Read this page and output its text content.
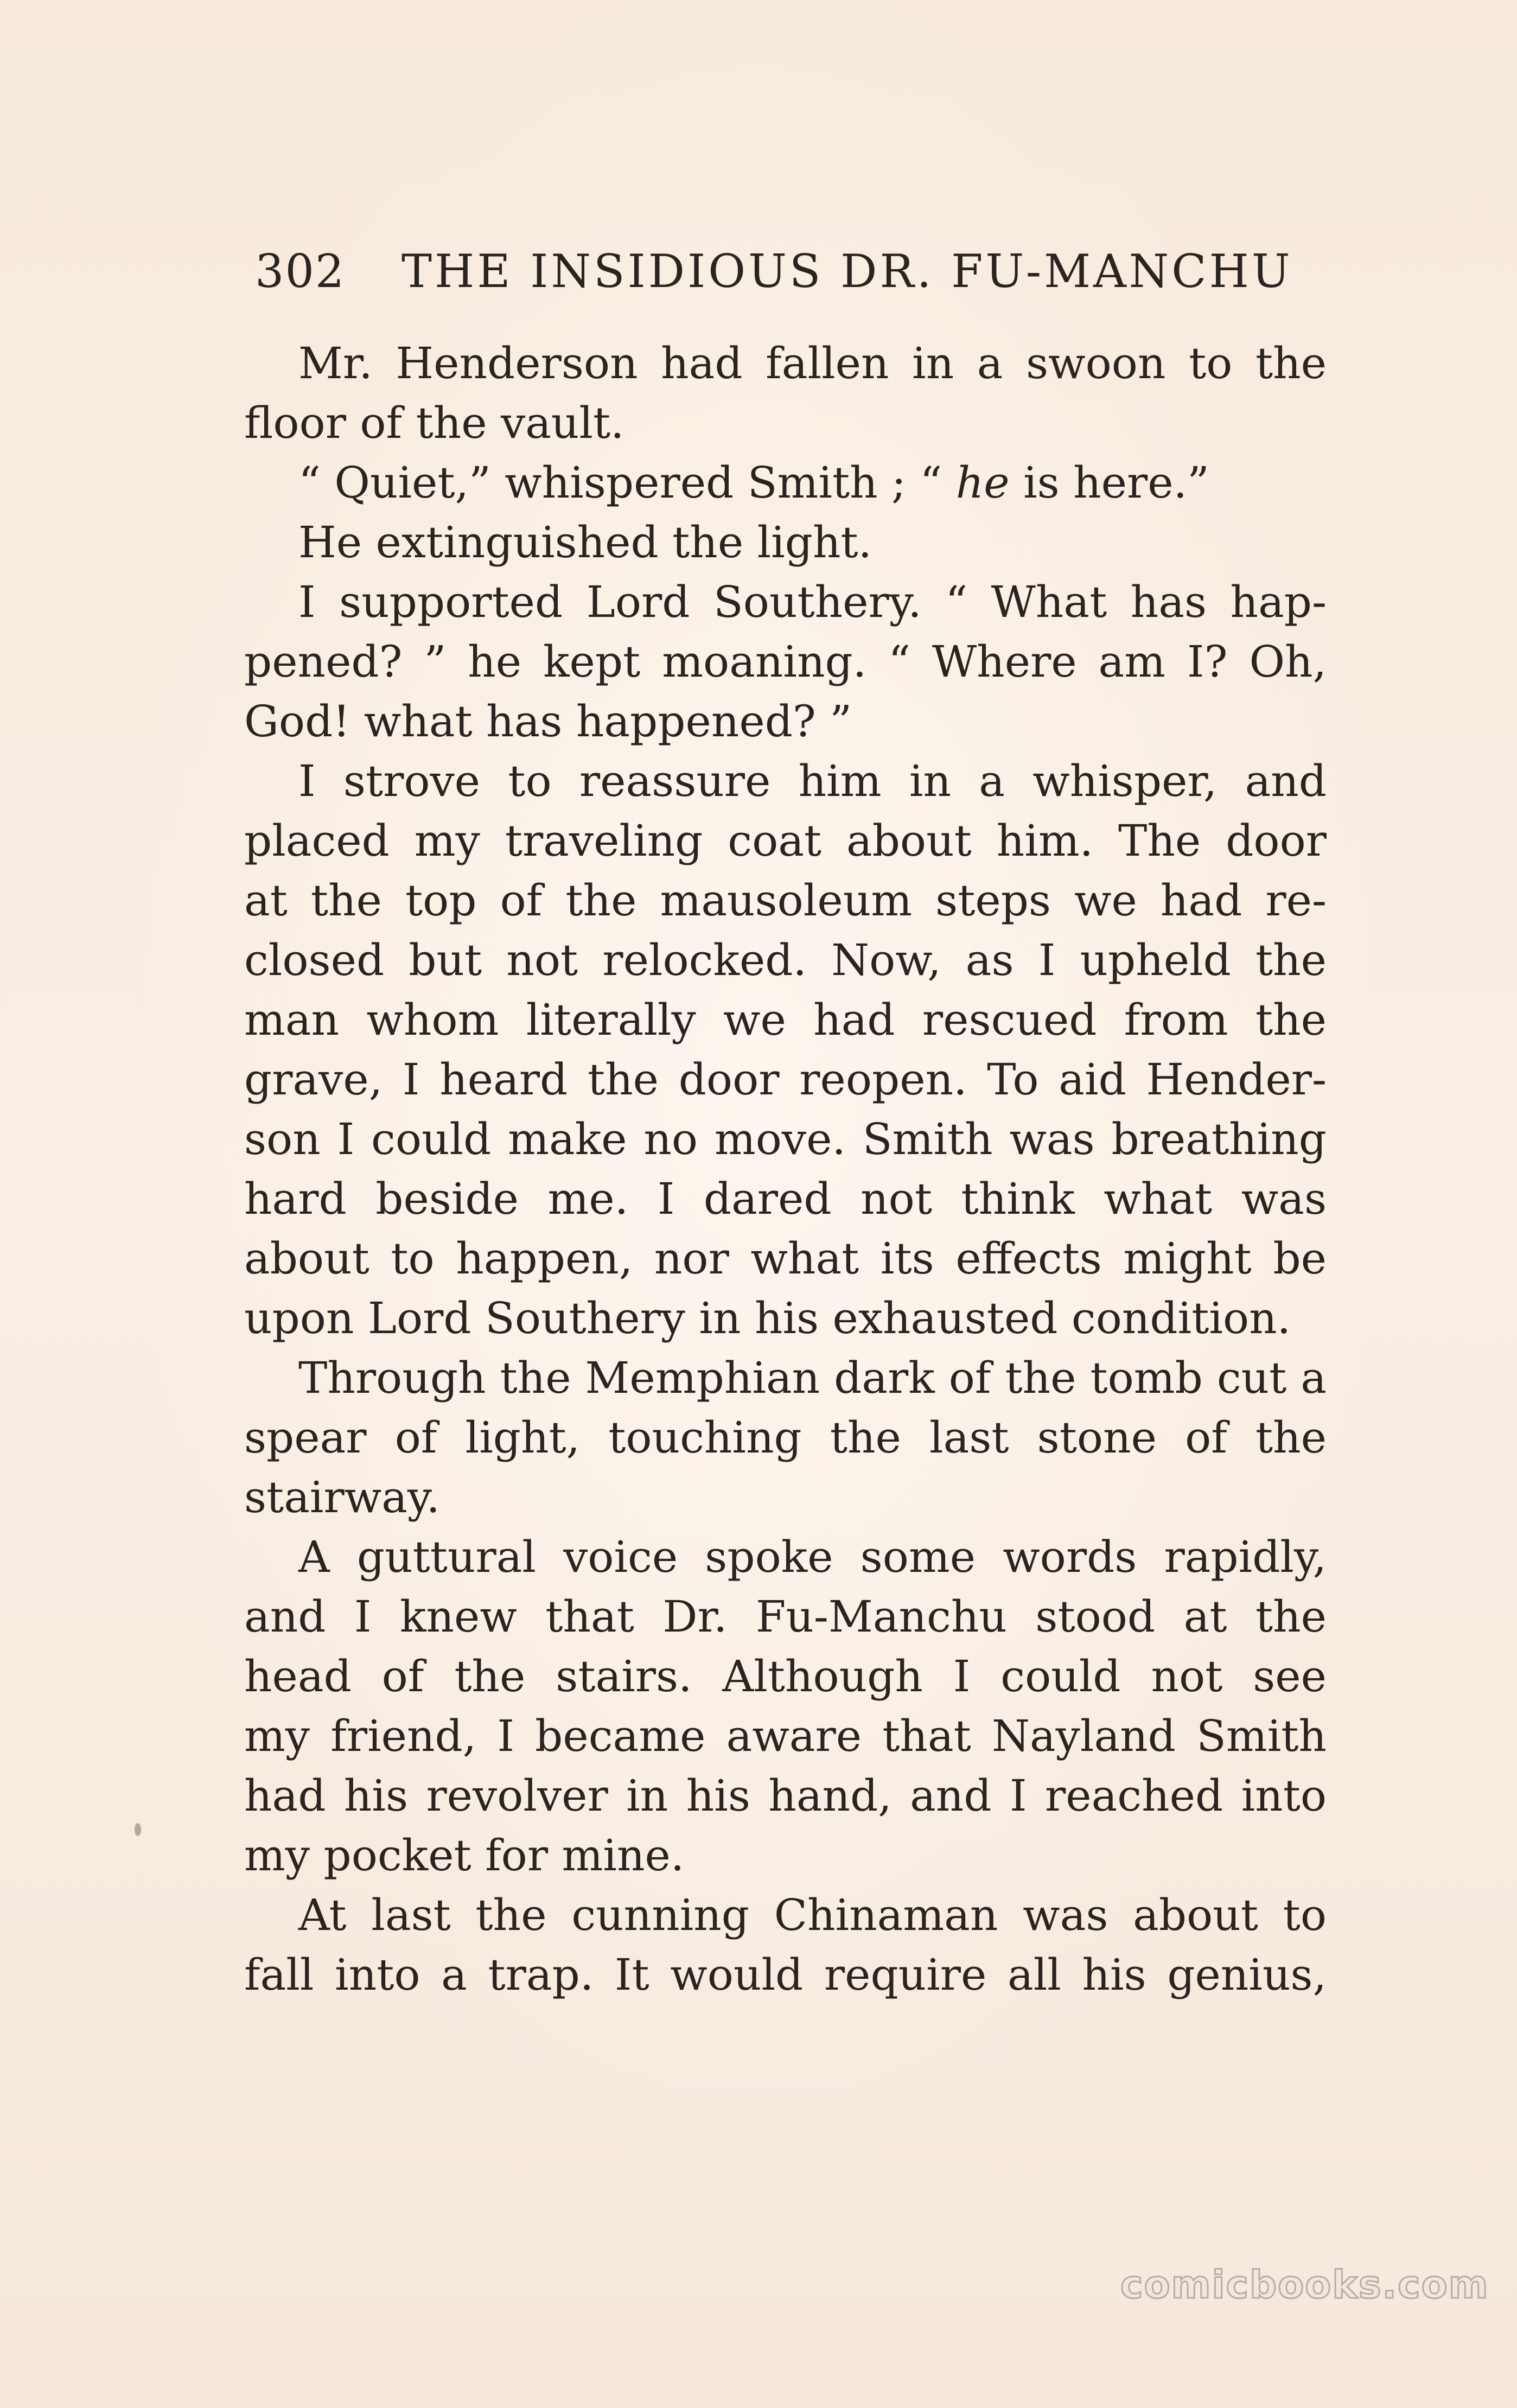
302 THE INSIDIOUS DR. FU-MANCHU
Mr. Henderson had fallen in a swoon to the
floor of the vault.
“ Quiet,” whispered Smith ; “ he is here.”
He extinguished the light.
I supported Lord Southery. “ What has hap-
pened? ” he kept moaning. “ Where am I? Oh,
God! what has happened? ”
I strove to reassure him in a whisper, and
placed my traveling coat about him. The door
at the top of the mausoleum steps we had re-
closed but not relocked. Now, as I upheld the
man whom literally we had rescued from the
grave, I heard the door reopen. To aid Hender-
son I could make no move. Smith was breathing
hard beside me. I dared not think what was
about to happen, nor what its effects might be
upon Lord Southery in his exhausted condition.
Through the Memphian dark of the tomb cut a
spear of light, touching the last stone of the
stairway.
A guttural voice spoke some words rapidly,
and I knew that Dr. Fu-Manchu stood at the
head of the stairs. Although I could not see
my friend, I became aware that Nayland Smith
had his revolver in his hand, and I reached into
my pocket for mine.
At last the cunning Chinaman was about to
fall into a trap. It would require all his genius,
comicbooks.com
